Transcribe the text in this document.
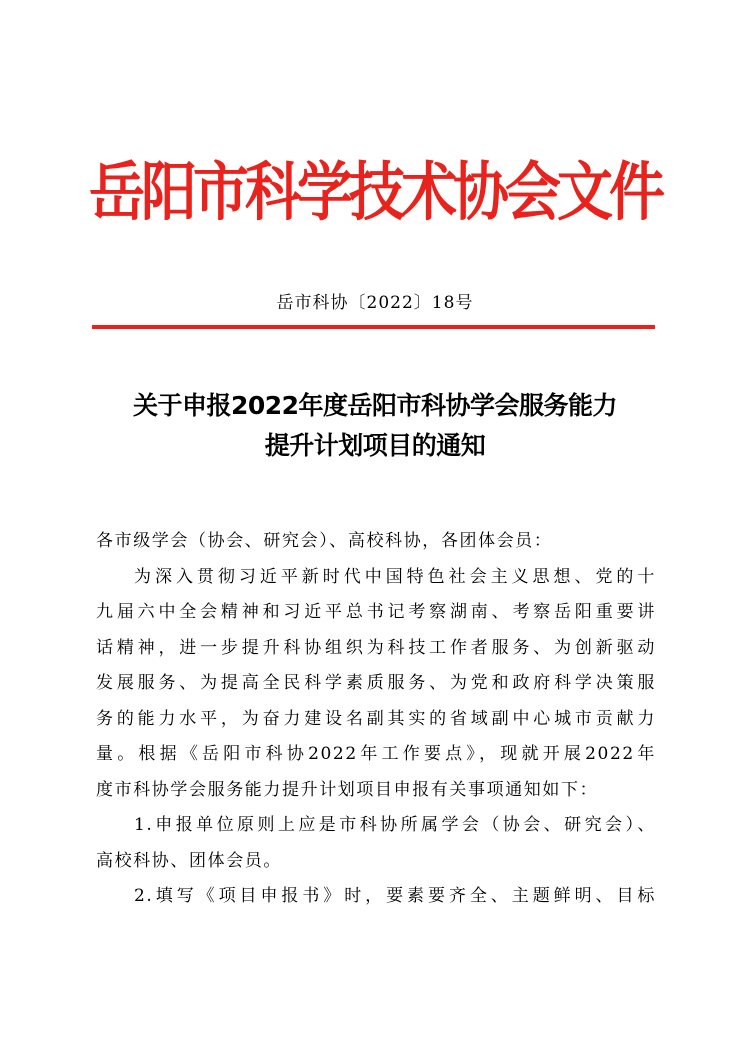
岳阳市科学技术协会文件
岳市科协〔2022〕18号
关于申报2022年度岳阳市科协学会服务能力
提升计划项目的通知
各市级学会（协会、研究会）、高校科协，各团体会员：
为深入贯彻习近平新时代中国特色社会主义思想、党的十
九届六中全会精神和习近平总书记考察湖南、考察岳阳重要讲
话精神，进一步提升科协组织为科技工作者服务、为创新驱动
发展服务、为提高全民科学素质服务、为党和政府科学决策服
务的能力水平，为奋力建设名副其实的省域副中心城市贡献力
量。根据《岳阳市科协2022年工作要点》，现就开展2022年
度市科协学会服务能力提升计划项目申报有关事项通知如下：
1.申报单位原则上应是市科协所属学会（协会、研究会）、
高校科协、团体会员。
2.填写《项目申报书》时，要素要齐全、主题鲜明、目标
